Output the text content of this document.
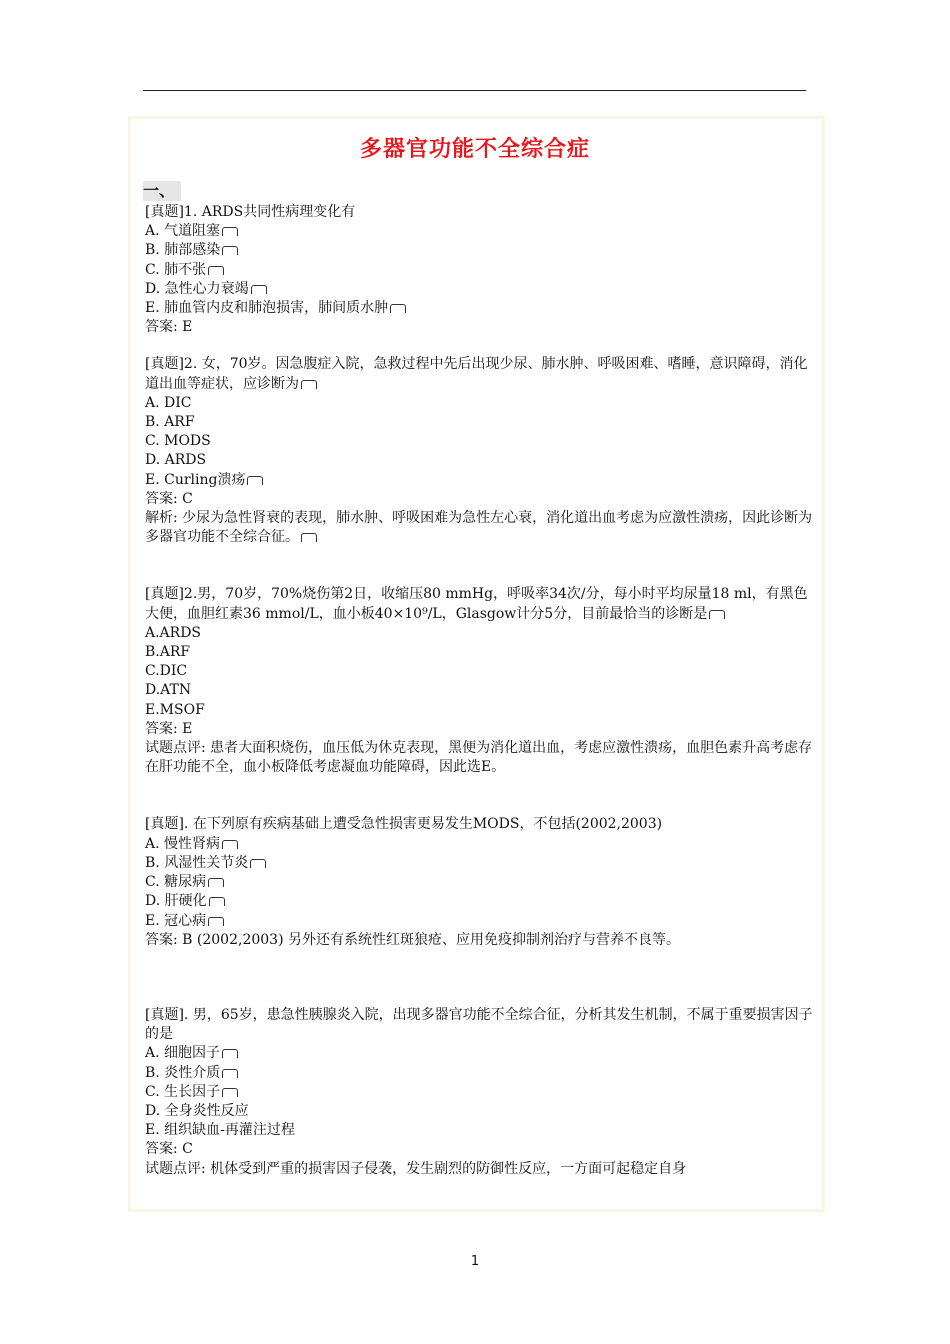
多器官功能不全综合症
一、

[真题]1. ARDS共同性病理变化有

A. 气道阻塞

B. 肺部感染

C. 肺不张

D. 急性心力衰竭

E. 肺血管内皮和肺泡损害，肺间质水肿

答案: E

[真题]2. 女，70岁。因急腹症入院，急救过程中先后出现少尿、肺水肿、呼吸困难、嗜睡，意识障碍，消化道出血等症状，应诊断为

A. DIC

B. ARF

C. MODS

D. ARDS

E. Curling溃疡

答案: C

解析: 少尿为急性肾衰的表现，肺水肿、呼吸困难为急性左心衰，消化道出血考虑为应激性溃疡，因此诊断为多器官功能不全综合征。

[真题]2.男，70岁，70%烧伤第2日，收缩压80 mmHg，呼吸率34次/分，每小时平均尿量18 ml，有黑色大便，血胆红素36 mmol/L，血小板40×10⁹/L，Glasgow计分5分，目前最恰当的诊断是

A.ARDS

B.ARF

C.DIC

D.ATN

E.MSOF

答案: E

试题点评: 患者大面积烧伤，血压低为休克表现，黑便为消化道出血，考虑应激性溃疡，血胆色素升高考虑存在肝功能不全，血小板降低考虑凝血功能障碍，因此选E。

[真题]. 在下列原有疾病基础上遭受急性损害更易发生MODS，不包括(2002,2003)

A. 慢性肾病

B. 风湿性关节炎

C. 糖尿病

D. 肝硬化

E. 冠心病

答案: B (2002,2003) 另外还有系统性红斑狼疮、应用免疫抑制剂治疗与营养不良等。

[真题]. 男，65岁，患急性胰腺炎入院，出现多器官功能不全综合征，分析其发生机制，不属于重要损害因子的是

A. 细胞因子

B. 炎性介质

C. 生长因子

D. 全身炎性反应

E. 组织缺血-再灌注过程

答案: C

试题点评: 机体受到严重的损害因子侵袭，发生剧烈的防御性反应，一方面可起稳定自身

1
